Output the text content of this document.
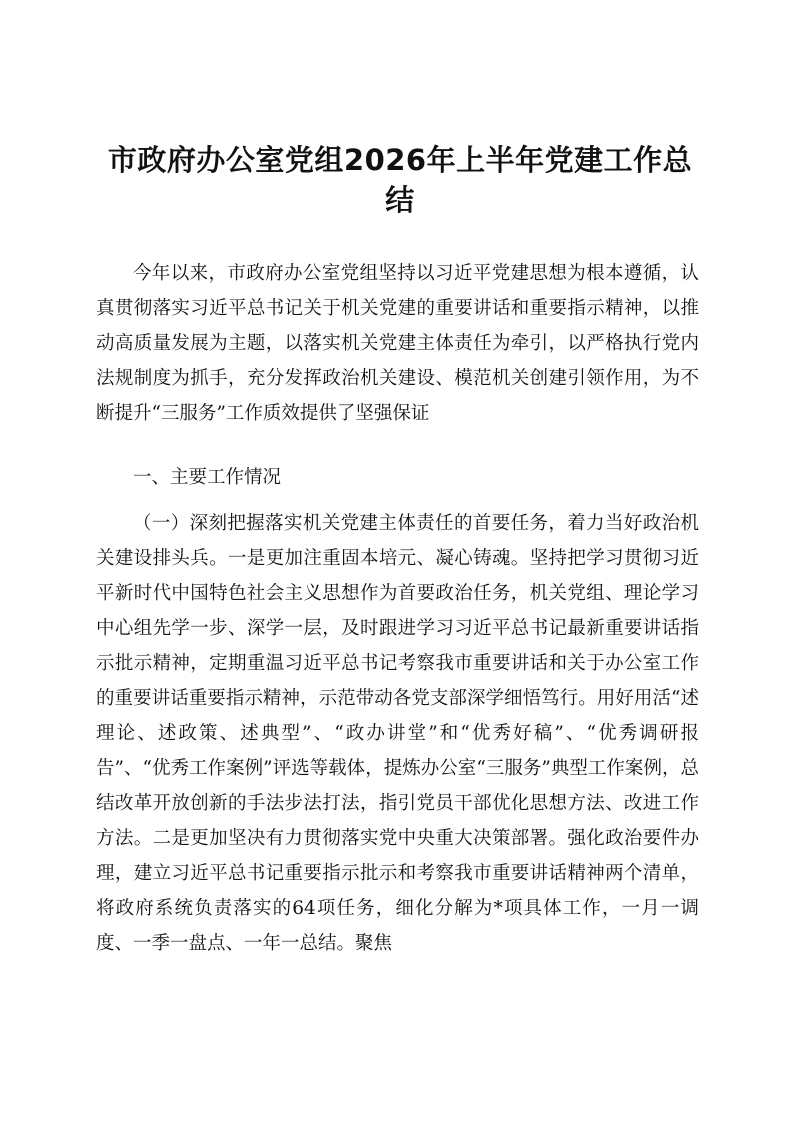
市政府办公室党组2026年上半年党建工作总结

今年以来，市政府办公室党组坚持以习近平党建思想为根本遵循，认真贯彻落实习近平总书记关于机关党建的重要讲话和重要指示精神，以推动高质量发展为主题，以落实机关党建主体责任为牵引，以严格执行党内法规制度为抓手，充分发挥政治机关建设、模范机关创建引领作用，为不断提升“三服务”工作质效提供了坚强保证

一、主要工作情况

（一）深刻把握落实机关党建主体责任的首要任务，着力当好政治机关建设排头兵。一是更加注重固本培元、凝心铸魂。坚持把学习贯彻习近平新时代中国特色社会主义思想作为首要政治任务，机关党组、理论学习中心组先学一步、深学一层，及时跟进学习习近平总书记最新重要讲话指示批示精神，定期重温习近平总书记考察我市重要讲话和关于办公室工作的重要讲话重要指示精神，示范带动各党支部深学细悟笃行。用好用活“述理论、述政策、述典型”、“政办讲堂”和“优秀好稿”、“优秀调研报告”、“优秀工作案例”评选等载体，提炼办公室“三服务”典型工作案例，总结改革开放创新的手法步法打法，指引党员干部优化思想方法、改进工作方法。二是更加坚决有力贯彻落实党中央重大决策部署。强化政治要件办理，建立习近平总书记重要指示批示和考察我市重要讲话精神两个清单，将政府系统负责落实的64项任务，细化分解为*项具体工作，一月一调度、一季一盘点、一年一总结。聚焦
